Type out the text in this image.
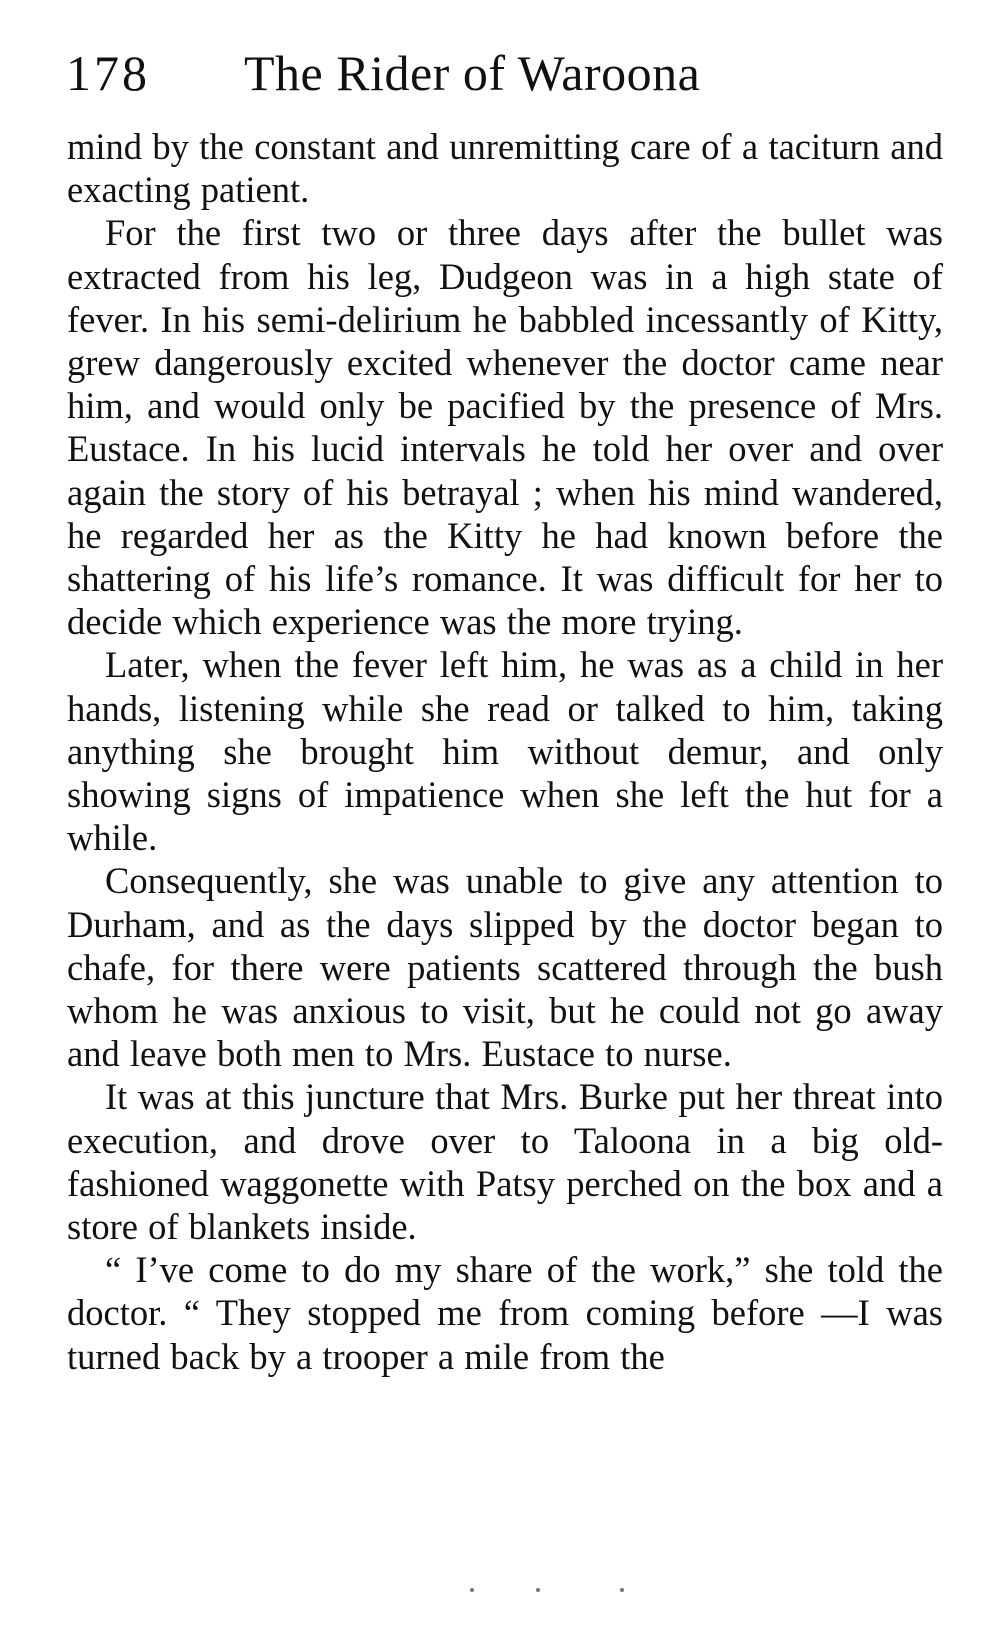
178 The Rider of Waroona

mind by the constant and unremitting care of a taciturn and exacting patient.

For the first two or three days after the bullet was extracted from his leg, Dudgeon was in a high state of fever. In his semi-delirium he babbled incessantly of Kitty, grew dangerously excited whenever the doctor came near him, and would only be pacified by the presence of Mrs. Eustace. In his lucid intervals he told her over and over again the story of his betrayal ; when his mind wandered, he regarded her as the Kitty he had known before the shattering of his life’s romance. It was difficult for her to decide which experience was the more trying.

Later, when the fever left him, he was as a child in her hands, listening while she read or talked to him, taking anything she brought him without demur, and only showing signs of impatience when she left the hut for a while.

Consequently, she was unable to give any attention to Durham, and as the days slipped by the doctor began to chafe, for there were patients scattered through the bush whom he was anxious to visit, but he could not go away and leave both men to Mrs. Eustace to nurse.

It was at this juncture that Mrs. Burke put her threat into execution, and drove over to Taloona in a big old-fashioned waggonette with Patsy perched on the box and a store of blankets inside.

“ I’ve come to do my share of the work,” she told the doctor. “ They stopped me from coming before —I was turned back by a trooper a mile from the
